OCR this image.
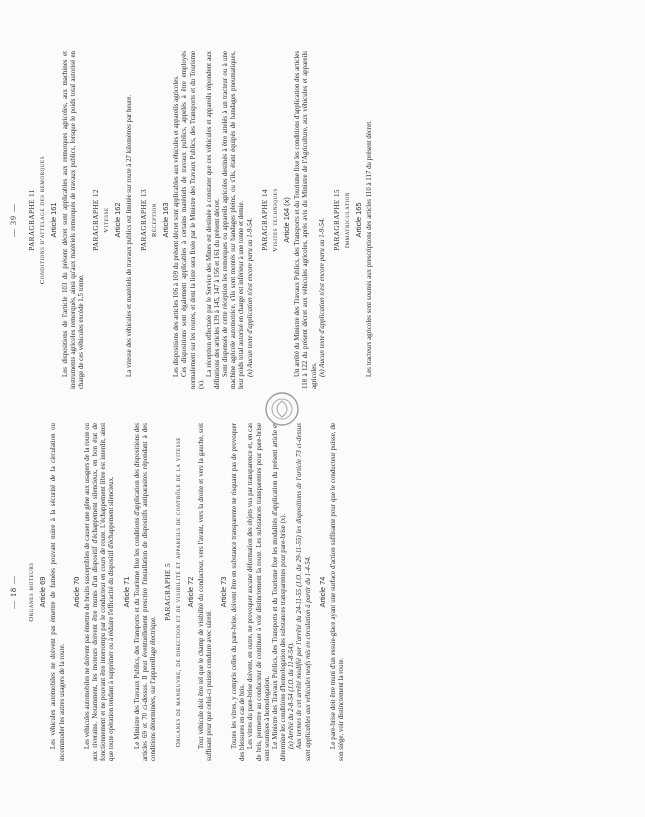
— 18 — Organes moteurs Article 69 Les véhicules automobiles ne doivent pas émettre de fumées pouvant nuire à la sécurité de la circulation ou incommoder les autres usagers de la route.

Article 70 Les véhicules automobiles ne doivent pas émettre de bruits susceptibles de causer une gêne aux usagers de la route ou aux riverains. Notamment, les moteurs doivent être munis d'un dispositif d'échappement silencieux, en bon état de fonctionnement et ne pouvant être interrompu par le conducteur en cours de route. L'échappement libre est interdit, ainsi que toute opération tendant à supprimer ou à réduire l'efficacité du dispositif d'échappement silencieux. Article 71 Le Ministre des Travaux Publics, des Transports et du Tourisme fixe les conditions d'application des dispositions des articles 69 et 70 ci-dessus. Il peut éventuellement prescrire l'installation de dispositifs antiparasites répondant à des conditions déterminées, sur l'appareillage électrique.

PARAGRAPHE 5 Organes de manœuvre, de direction et de visibilité et appareils de contrôle de la vitesse Article 72 Tout véhicule doit être tel que le champ de visibilité du conducteur, vers l'avant, vers la droite et vers la gauche, soit suffisant pour que celui-ci puisse conduire avec sûreté.

Article 73 Toutes les vitres, y compris celles du pare-brise, doivent être en substance transparente ne risquant pas de provoquer des blessures en cas de bris. Les vitres du pare-brise doivent, en outre, ne provoquer aucune déformation des objets vus par transparence et, en cas de bris, permettre au conducteur de continuer à voir distinctement la route. Les substances transparentes pour pare-brise sont soumises à homologation. Le Ministre des Travaux Publics, des Transports et du Tourisme fixe les modalités d'application du présent article et détermine les conditions d'homologation des substances transparentes pour pare-brise (x). (x) Arrêté du 2-8-54 (J.O. du 11-8-54). Aux termes de cet arrêté modifié par l'arrêté du 24-11-55 (J.O. du 29-11-55) les dispositions de l'article 73 ci-dessus sont applicables aux véhicules neufs mis en circulation à partir du 1-4-54. Article 74 Le pare-brise doit être muni d'un essuie-glace ayant une surface d'action suffisante pour que le conducteur puisse, de son siège, voir distinctement la route.

— 39 — PARAGRAPHE 11 Conditions d'attelage des remorques Article 161 Les dispositions de l'article 103 du présent décret sont applicables aux remorques agricoles, aux machines et instruments agricoles remorqués, ainsi qu'aux matériels remorqués de travaux publics, lorsque le poids total autorisé en charge de ces véhicules excède 1,5 tonne.

PARAGRAPHE 12 Vitesse Article 162 La vitesse des véhicules et matériels de travaux publics est limitée sur route à 27 kilomètres par heure. PARAGRAPHE 13 Réception Article 163 Les dispositions des articles 106 à 109 du présent décret sont applicables aux véhicules et appareils agricoles. Ces dispositions sont également applicables à certains matériels de travaux publics, appelés à être employés normalement sur les routes, et dont la liste sera fixée par le Ministre des Travaux Publics, des Transports et du Tourisme (x).

La réception effectuée par le Service des Mines est destinée à constater que ces véhicules et appareils répondent aux définitions des articles 139 à 145, 147 à 156 et 161 du présent décret. Sont dispensés de cette réception les remorques ou appareils agricoles destinés à être attelés à un tracteur ou à une machine agricole automotrice, s'ils sont montés sur bandages pleins, ou s'ils, étant équipés de bandages pneumatiques, leur poids total autorisé en charge est inférieur à une tonne et demie. (x) Aucun texte d'application n'est encore paru au 1-9-54. PARAGRAPHE 14 Visites techniques Article 164 (x) Un arrêté du Ministre des Travaux Publics, des Transports et du Tourisme fixe les conditions d'application des articles 118 à 122 du présent décret aux véhicules agricoles, après avis du Ministre de l'Agriculture, aux véhicules et appareils agricoles. (x) Aucun texte d'application n'est encore paru au 1-9-54. PARAGRAPHE 15 Immatriculation Article 165 Les tracteurs agricoles sont soumis aux prescriptions des articles 110 à 117 du présent décret.
